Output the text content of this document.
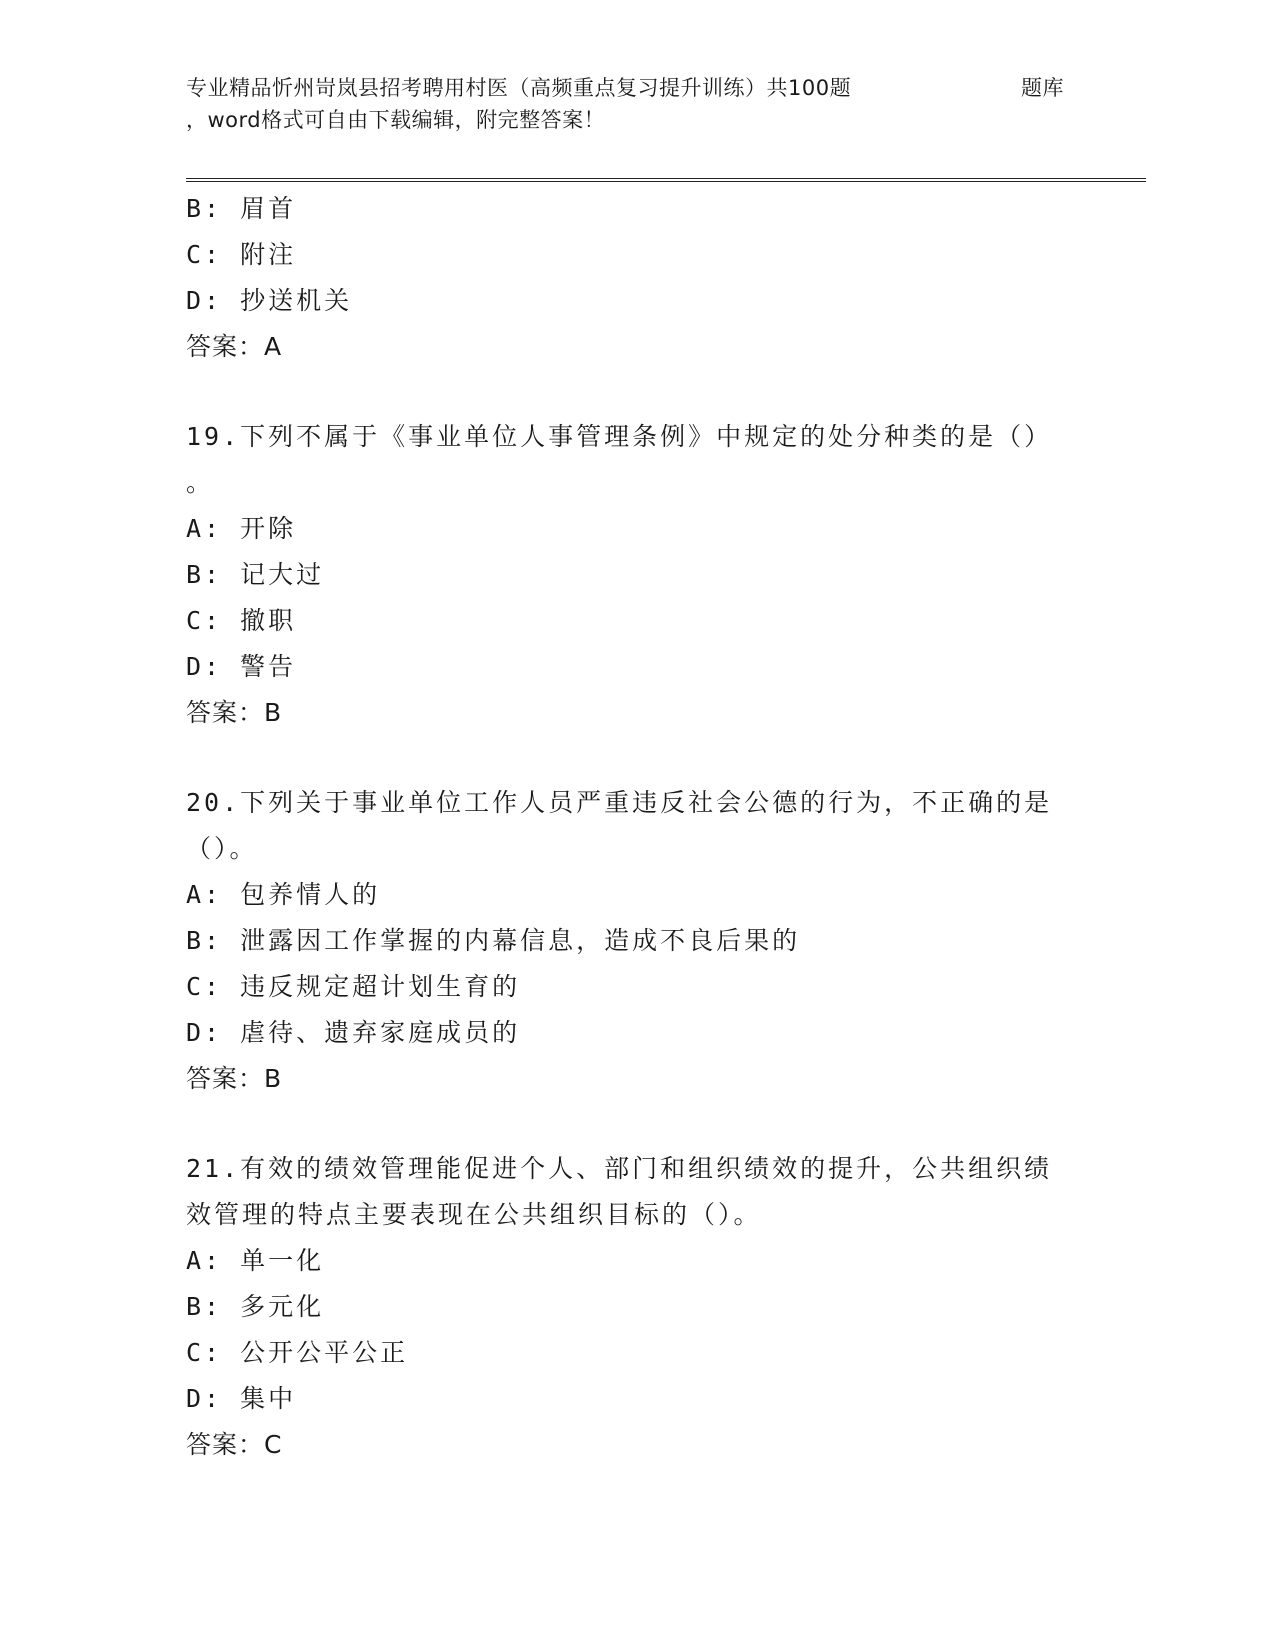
专业精品忻州岢岚县招考聘用村医（高频重点复习提升训练）共100题	题库
，word格式可自由下载编辑，附完整答案！
B: 眉首
C: 附注
D: 抄送机关
答案：A
19.下列不属于《事业单位人事管理条例》中规定的处分种类的是（）
。
A: 开除
B: 记大过
C: 撤职
D: 警告
答案：B
20.下列关于事业单位工作人员严重违反社会公德的行为，不正确的是
（）。
A: 包养情人的
B: 泄露因工作掌握的内幕信息，造成不良后果的
C: 违反规定超计划生育的
D: 虐待、遗弃家庭成员的
答案：B
21.有效的绩效管理能促进个人、部门和组织绩效的提升，公共组织绩
效管理的特点主要表现在公共组织目标的（）。
A: 单一化
B: 多元化
C: 公开公平公正
D: 集中
答案：C
